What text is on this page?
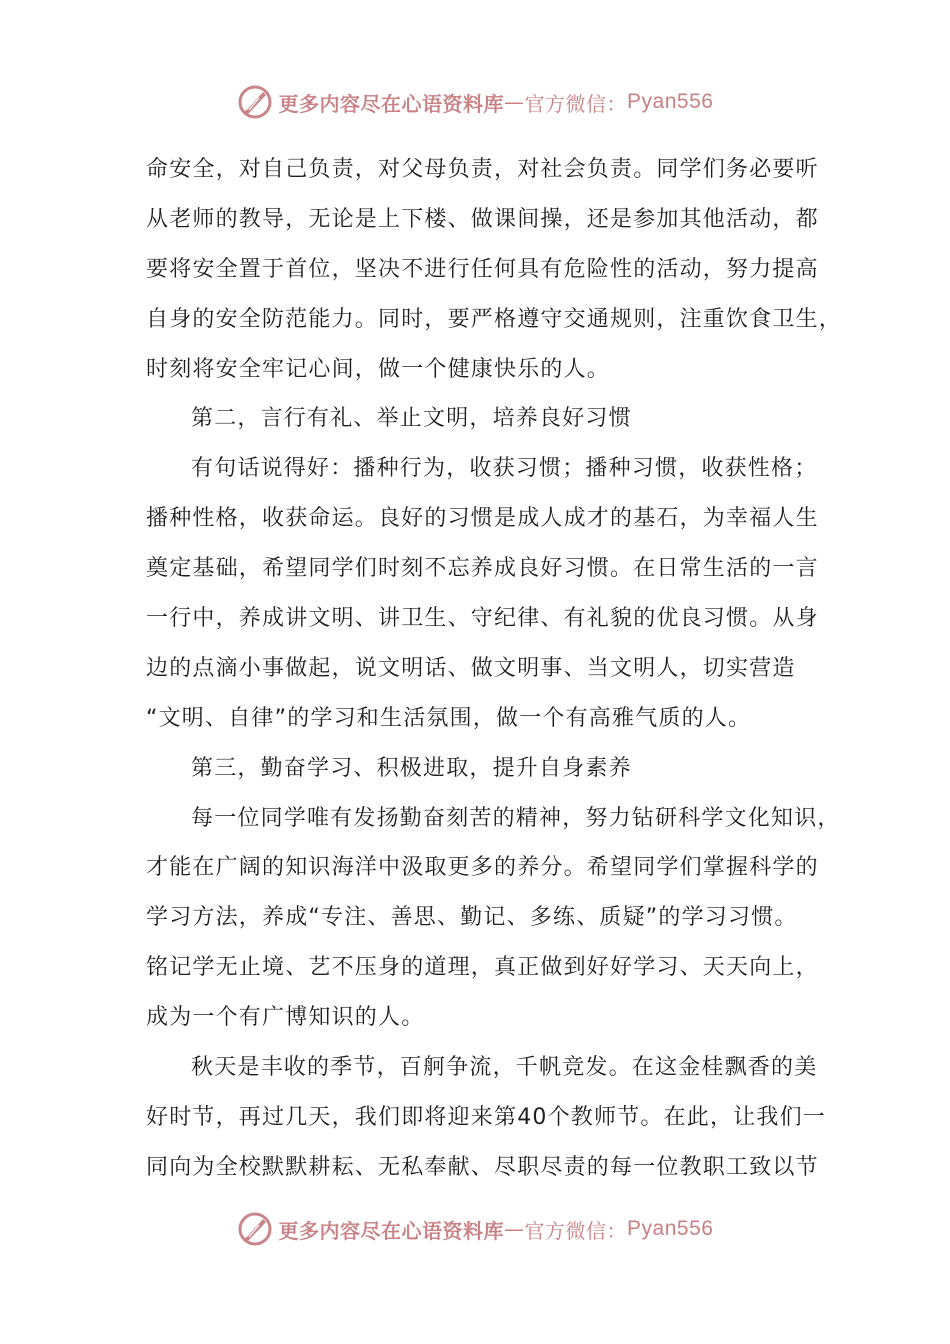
更多内容尽在心语资料库 — 官方微信： Pyan556
命安全，对自己负责，对父母负责，对社会负责。同学们务必要听
从老师的教导，无论是上下楼、做课间操，还是参加其他活动，都
要将安全置于首位，坚决不进行任何具有危险性的活动，努力提高
自身的安全防范能力。同时，要严格遵守交通规则，注重饮食卫生，
时刻将安全牢记心间，做一个健康快乐的人。
第二，言行有礼、举止文明，培养良好习惯
有句话说得好：播种行为，收获习惯；播种习惯，收获性格；
播种性格，收获命运。良好的习惯是成人成才的基石，为幸福人生
奠定基础，希望同学们时刻不忘养成良好习惯。在日常生活的一言
一行中，养成讲文明、讲卫生、守纪律、有礼貌的优良习惯。从身
边的点滴小事做起，说文明话、做文明事、当文明人，切实营造
“文明、自律”的学习和生活氛围，做一个有高雅气质的人。
第三，勤奋学习、积极进取，提升自身素养
每一位同学唯有发扬勤奋刻苦的精神，努力钻研科学文化知识，
才能在广阔的知识海洋中汲取更多的养分。希望同学们掌握科学的
学习方法，养成“专注、善思、勤记、多练、质疑”的学习习惯。
铭记学无止境、艺不压身的道理，真正做到好好学习、天天向上，
成为一个有广博知识的人。
秋天是丰收的季节，百舸争流，千帆竞发。在这金桂飘香的美
好时节，再过几天，我们即将迎来第40个教师节。在此，让我们一
同向为全校默默耕耘、无私奉献、尽职尽责的每一位教职工致以节
更多内容尽在心语资料库 — 官方微信： Pyan556
